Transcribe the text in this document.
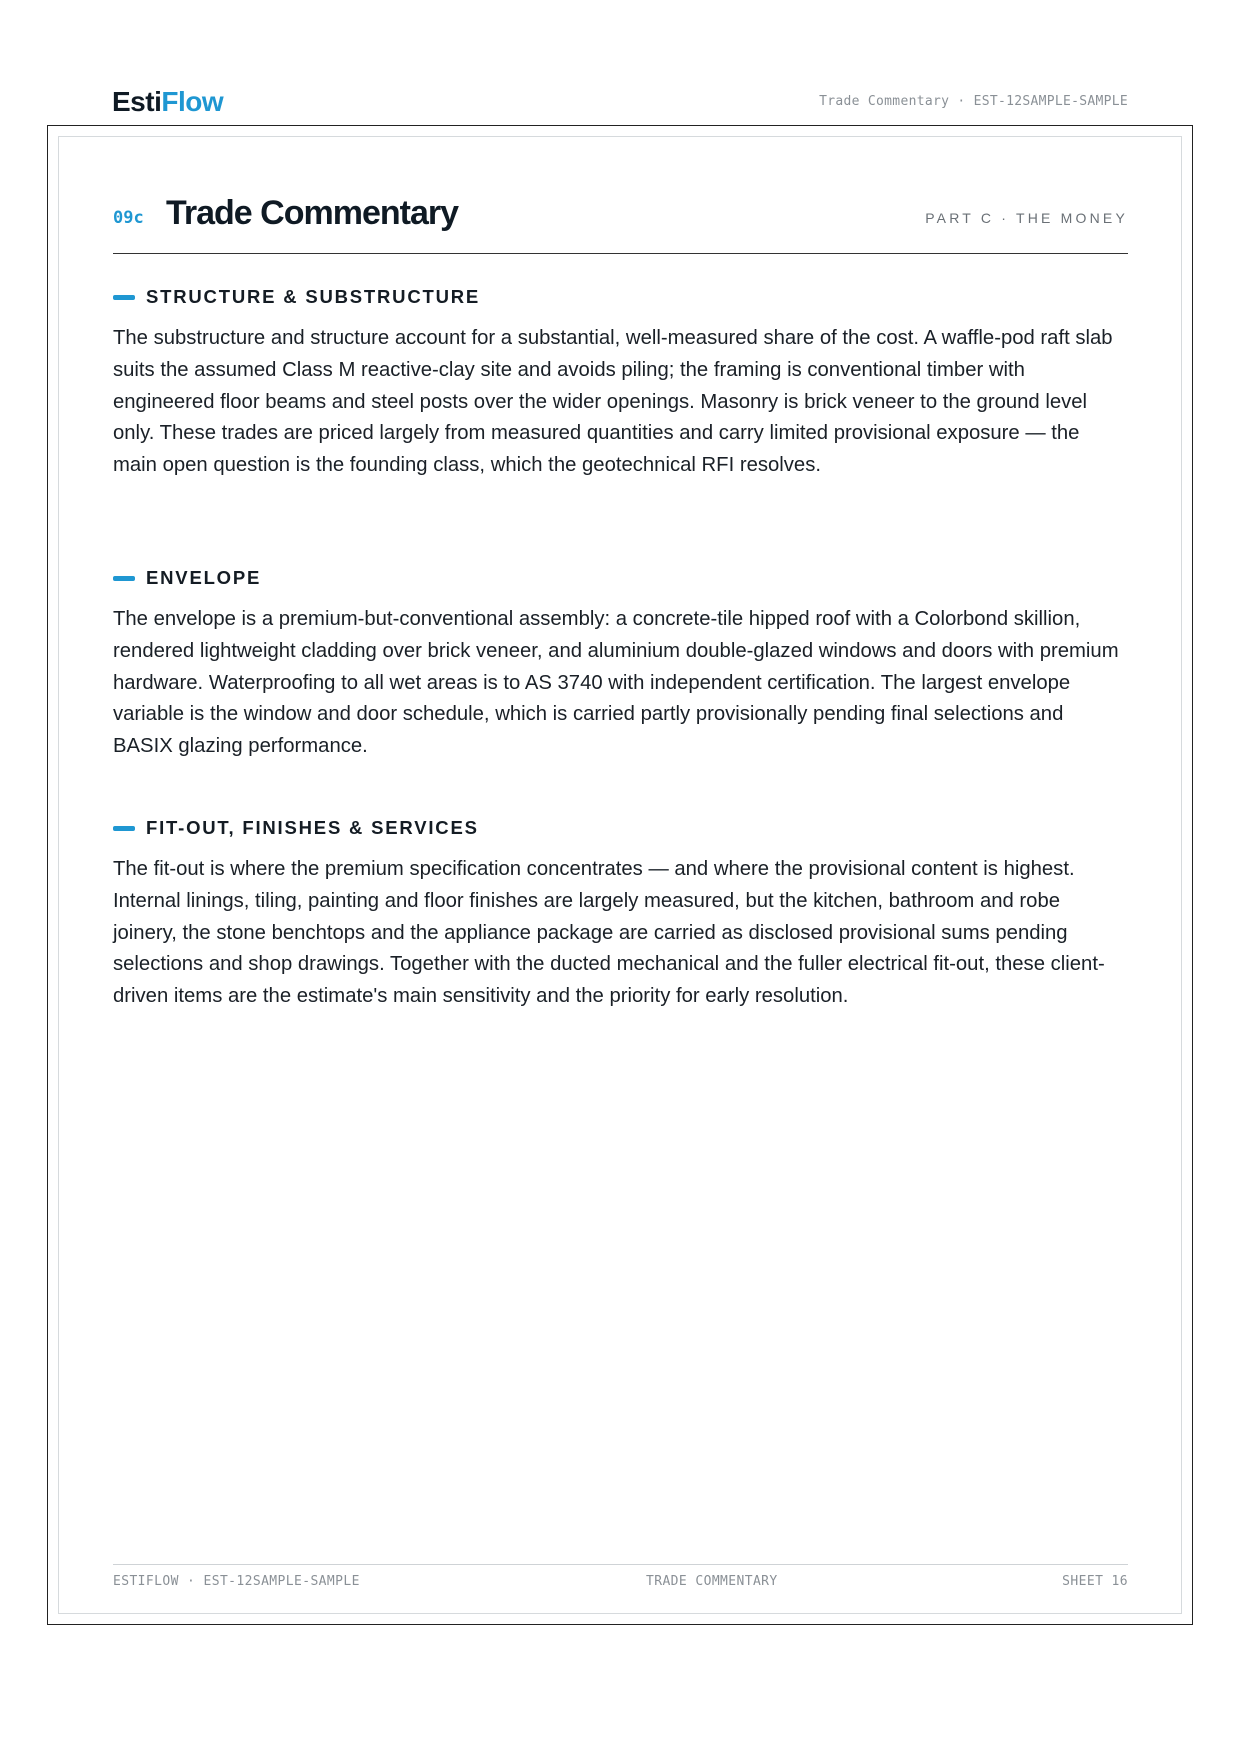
EstiFlow	Trade Commentary · EST-12SAMPLE-SAMPLE
09c Trade Commentary	PART C · THE MONEY
STRUCTURE & SUBSTRUCTURE

The substructure and structure account for a substantial, well-measured share of the cost. A waffle-pod raft slab suits the assumed Class M reactive-clay site and avoids piling; the framing is conventional timber with engineered floor beams and steel posts over the wider openings. Masonry is brick veneer to the ground level only. These trades are priced largely from measured quantities and carry limited provisional exposure — the main open question is the founding class, which the geotechnical RFI resolves.

ENVELOPE

The envelope is a premium-but-conventional assembly: a concrete-tile hipped roof with a Colorbond skillion, rendered lightweight cladding over brick veneer, and aluminium double-glazed windows and doors with premium hardware. Waterproofing to all wet areas is to AS 3740 with independent certification. The largest envelope variable is the window and door schedule, which is carried partly provisionally pending final selections and BASIX glazing performance.

FIT-OUT, FINISHES & SERVICES

The fit-out is where the premium specification concentrates — and where the provisional content is highest. Internal linings, tiling, painting and floor finishes are largely measured, but the kitchen, bathroom and robe joinery, the stone benchtops and the appliance package are carried as disclosed provisional sums pending selections and shop drawings. Together with the ducted mechanical and the fuller electrical fit-out, these client-driven items are the estimate's main sensitivity and the priority for early resolution.

ESTIFLOW · EST-12SAMPLE-SAMPLE	TRADE COMMENTARY	SHEET 16
